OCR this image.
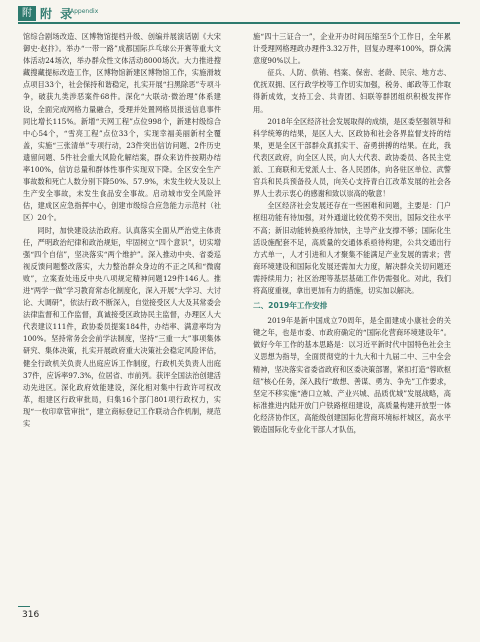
附 附 录
Appendix

馆综合剧场改造、区博物馆提档升级、创编并展演话剧《大宋御史·赵抃》。举办“一带一路”成都国际乒乓球公开赛等重大文体活动24场次，举办群众性文体活动8000场次。大力推进搜藏搜藏提标改造工作，区博物馆新建区博物馆工作，实施滑坡点项目33个，社会保持和谐稳定，扎实开展“扫黑除恶”专项斗争，破获九类涉恶案件68件。深化“大联动·微治理”体系建设，全面完成网格力量融合，受理并处置网格员报送信息事件同比增长115%。新增“天网工程”点位998个，新建村级综合中心54个，“雪亮工程”点位33个，实现幸福美丽新村全覆盖，实施“三张清单”专项行动，23件突出信访问题、2件历史遗留问题、5件社会重大风险化解结案，群众来访件按期办结率100%，信访总量和群体性事件实现双下降。全区安全生产事故数和死亡人数分别下降50%、57.9%，未发生较大及以上生产安全事故，未发生食品安全事故。启动城市安全风险评估，建成区应急指挥中心，创建市级综合应急能力示范村（社区）20个。

同时，加快建设法治政府。认真落实全面从严治党主体责任，严明政治纪律和政治规矩，牢固树立“四个意识”，切实增强“四个自信”，坚决落实“两个维护”。深入推动中央、省委巡视反馈问题整改落实，大力整治群众身边的不正之风和“微腐败”，立案查处违反中央八项规定精神问题129件146人。推进“两学一做”学习教育常态化制度化，深入开展“大学习、大讨论、大调研”，依法行政不断深入，自觉接受区人大及其常委会法律监督和工作监督，真诚接受区政协民主监督，办理区人大代表建议111件，政协委员提案184件，办结率、满意率均为100%。坚持常务会会前学法制度，坚持“三重一大”事项集体研究、集体决策，扎实开展政府重大决策社会稳定风险评估，健全行政机关负责人出庭应诉工作制度，行政机关负责人出庭37件，应诉率97.3%，位居省、市前列。获评全国法治创建活动先进区。深化政府效能建设，深化相对集中行政许可权改革，组建区行政审批局，归集16个部门801项行政权力，实现“一枚印章管审批”，建立商标登记工作联动合作机制，规范实

施“四十三证合一”，企业开办时间压缩至5个工作日，全年累计受理网格理政办理件3.32万件，回复办理率100%，群众满意度90%以上。

征兵、人防、供销、档案、保密、老龄、民宗、地方志、优抚双拥、区行政学校等工作切实加强，税务、邮政等工作取得新成效，支持工会、共青团、妇联等群团组织积极发挥作用。

2018年全区经济社会发展取得的成绩，是区委坚强领导和科学统筹的结果，是区人大、区政协和社会各界监督支持的结果，更是全区干部群众真抓实干、奋勇拼搏的结果。在此，我代表区政府，向全区人民，向人大代表、政协委员、各民主党派、工商联和无党派人士、各人民团体，向各驻区单位、武警官兵和民兵预备役人员，向关心支持青白江改革发展的社会各界人士表示衷心的感谢和致以崇高的敬意！

全区经济社会发展还存在一些困难和问题，主要是：门户枢纽功能有待加强，对外通道比较优势不突出，国际交往水平不高；新旧动能转换亟待加快，主导产业支撑不够；国际化生活设施配套不足，高质量的交通体系亟待构建，公共交通出行方式单一，人才引进和人才聚集不能满足产业发展的需求；营商环境建设和国际化发展还需加大力度，解决群众关切问题还需持续用力；社区治理等基层基础工作仍需强化。对此，我们将高度重视，拿出更加有力的措施，切实加以解决。

二、2019年工作安排

2019年是新中国成立70周年，是全面建成小康社会的关键之年，也是市委、市政府确定的“国际化营商环境建设年”。做好今年工作的基本思路是：以习近平新时代中国特色社会主义思想为指导，全面贯彻党的十九大和十九届二中、三中全会精神，坚决落实省委省政府和区委决策部署，紧扣打造“蓉欧枢纽”核心任务，深入践行“敢想、善谋、勇为、争先”工作要求，坚定不移实施“港口立城、产业兴城、品质优城”发展战略，高标准推进内陆开放门户铁路枢纽建设，高质量构建开放型一体化经济协作区，高能级创建国际化营商环境标杆城区，高水平锻造国际化专业化干部人才队伍，

316
